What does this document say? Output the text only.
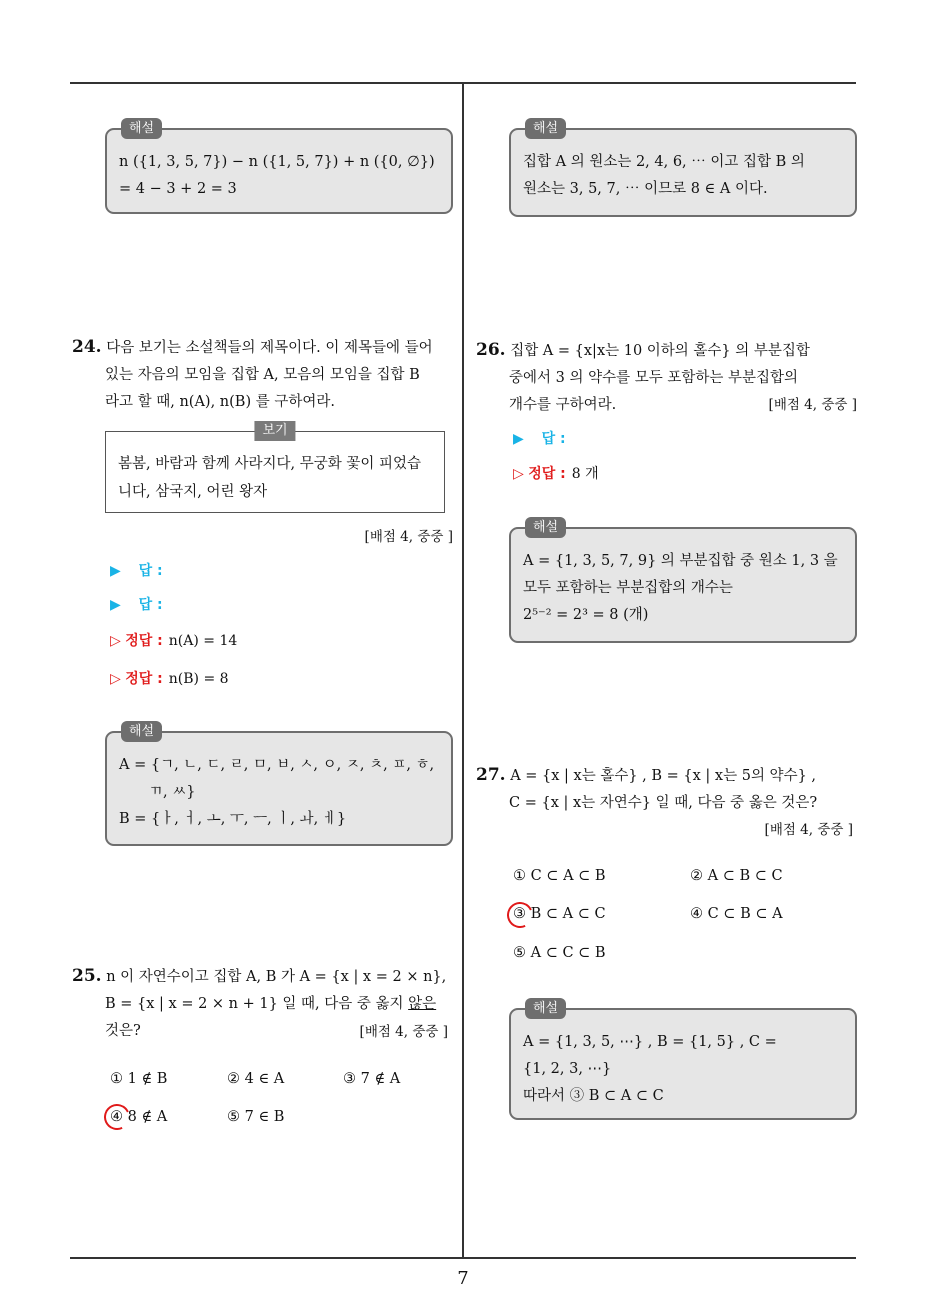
7
해설
n ({1, 3, 5, 7}) − n ({1, 5, 7}) + n ({0, ∅})
= 4 − 3 + 2 = 3
24. 다음 보기는 소설책들의 제목이다. 이 제목들에 들어
있는 자음의 모임을 집합 A, 모음의 모임을 집합 B
라고 할 때, n(A), n(B) 를 구하여라.
보기
봄봄, 바람과 함께 사라지다, 무궁화 꽃이 피었습
니다, 삼국지, 어린 왕자
[배점 4, 중중 ]
▶ 답 :
▶ 답 :
▷ 정답 : n(A) = 14
▷ 정답 : n(B) = 8
해설
A = {ㄱ, ㄴ, ㄷ, ㄹ, ㅁ, ㅂ, ㅅ, ㅇ, ㅈ, ㅊ, ㅍ, ㅎ,
ㄲ, ㅆ}
B = {ㅏ, ㅓ, ㅗ, ㅜ, ㅡ, ㅣ, ㅘ, ㅔ}
25. n 이 자연수이고 집합 A, B 가 A = {x | x = 2 × n},
B = {x | x = 2 × n + 1} 일 때, 다음 중 옳지 않은
것은?	[배점 4, 중중 ]
① 1 ∉ B	② 4 ∈ A	③ 7 ∉ A
④ 8 ∉ A	⑤ 7 ∈ B
해설
집합 A 의 원소는 2, 4, 6, ⋯ 이고 집합 B 의
원소는 3, 5, 7, ⋯ 이므로 8 ∈ A 이다.
26. 집합 A = {x|x는 10 이하의 홀수} 의 부분집합
중에서 3 의 약수를 모두 포함하는 부분집합의
개수를 구하여라.	[배점 4, 중중 ]
▶ 답 :
▷ 정답 : 8 개
해설
A = {1, 3, 5, 7, 9} 의 부분집합 중 원소 1, 3 을
모두 포함하는 부분집합의 개수는
2⁵⁻² = 2³ = 8 (개)
27. A = {x | x는 홀수} , B = {x | x는 5의 약수} ,
C = {x | x는 자연수} 일 때, 다음 중 옳은 것은?
[배점 4, 중중 ]
① C ⊂ A ⊂ B	② A ⊂ B ⊂ C
③ B ⊂ A ⊂ C	④ C ⊂ B ⊂ A
⑤ A ⊂ C ⊂ B
해설
A = {1, 3, 5, ⋯} , B = {1, 5} , C =
{1, 2, 3, ⋯}
따라서 ③ B ⊂ A ⊂ C
